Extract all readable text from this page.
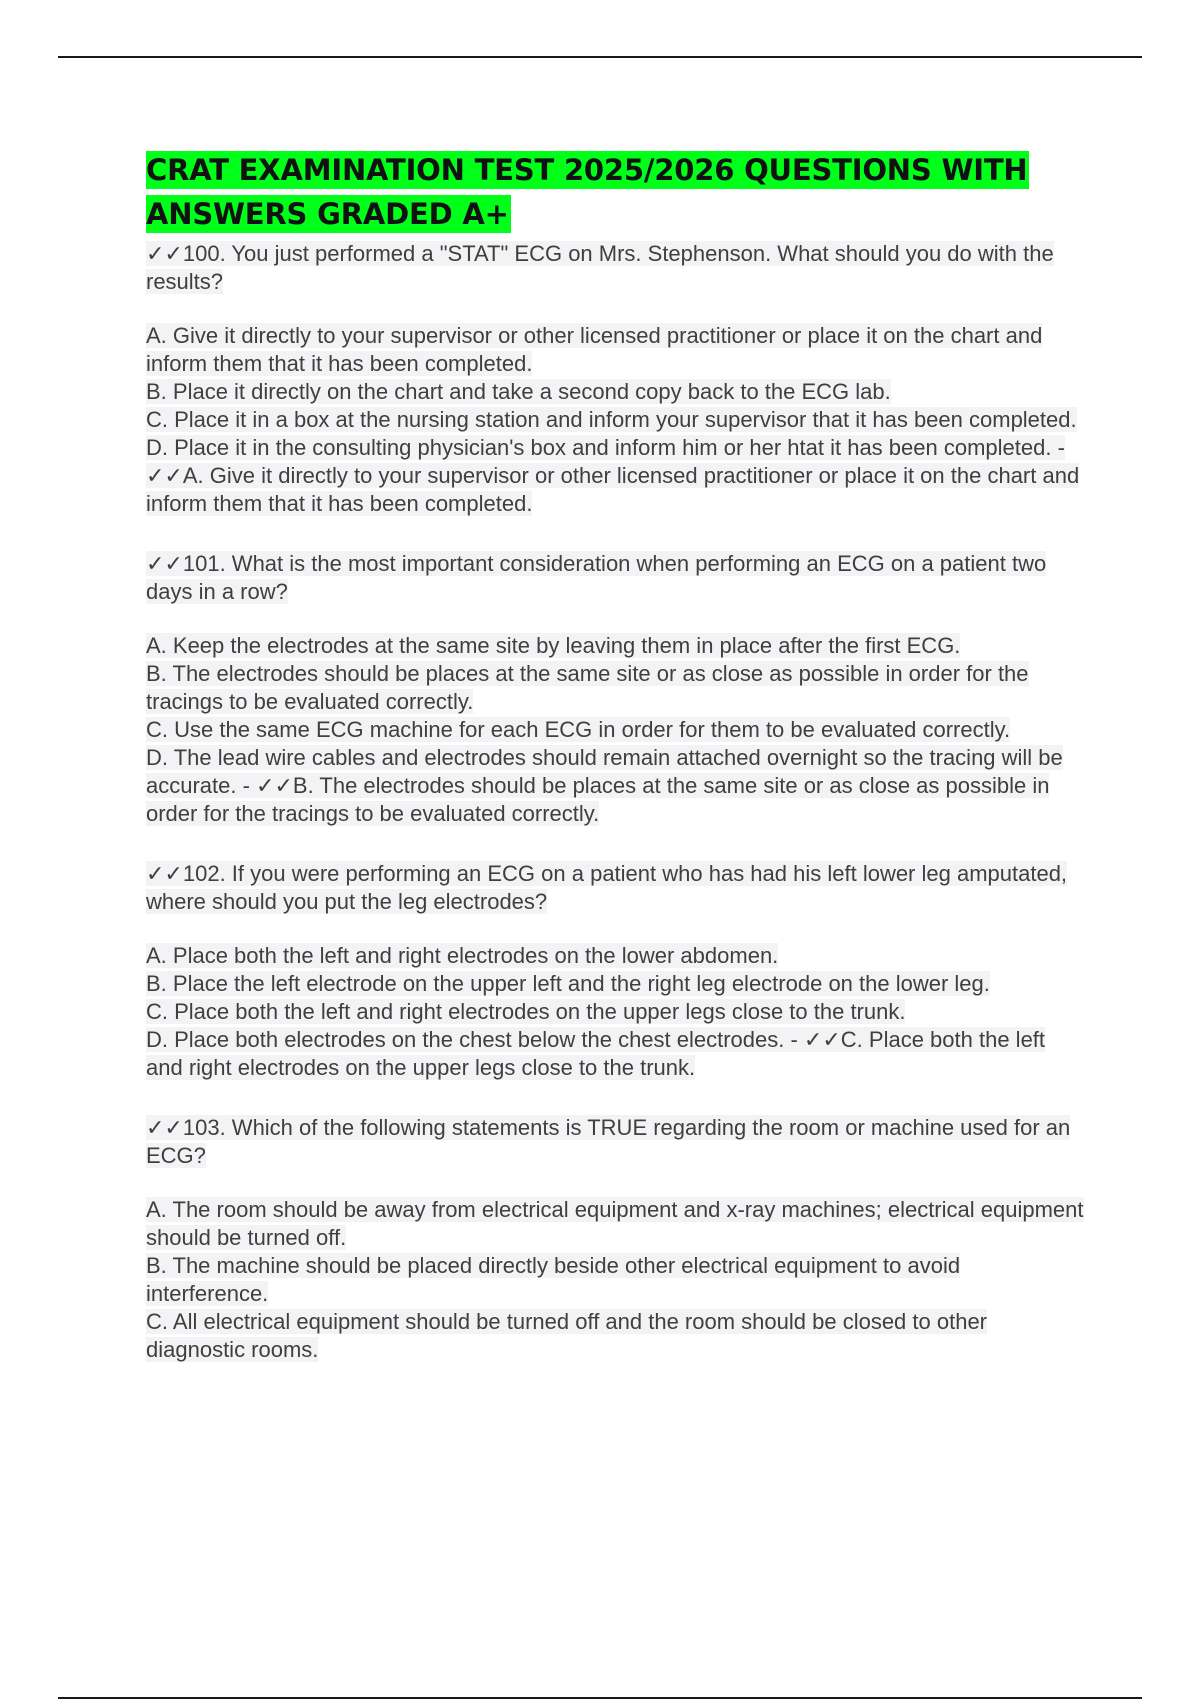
CRAT EXAMINATION TEST 2025/2026 QUESTIONS WITH ANSWERS GRADED A+

✓✓100. You just performed a "STAT" ECG on Mrs. Stephenson. What should you do with the results?

A. Give it directly to your supervisor or other licensed practitioner or place it on the chart and inform them that it has been completed.

B. Place it directly on the chart and take a second copy back to the ECG lab.

C. Place it in a box at the nursing station and inform your supervisor that it has been completed.

D. Place it in the consulting physician's box and inform him or her htat it has been completed. - ✓✓A. Give it directly to your supervisor or other licensed practitioner or place it on the chart and inform them that it has been completed.

✓✓101. What is the most important consideration when performing an ECG on a patient two days in a row?

A. Keep the electrodes at the same site by leaving them in place after the first ECG.

B. The electrodes should be places at the same site or as close as possible in order for the tracings to be evaluated correctly.

C. Use the same ECG machine for each ECG in order for them to be evaluated correctly.

D. The lead wire cables and electrodes should remain attached overnight so the tracing will be accurate. - ✓✓B. The electrodes should be places at the same site or as close as possible in order for the tracings to be evaluated correctly.

✓✓102. If you were performing an ECG on a patient who has had his left lower leg amputated, where should you put the leg electrodes?

A. Place both the left and right electrodes on the lower abdomen.

B. Place the left electrode on the upper left and the right leg electrode on the lower leg.

C. Place both the left and right electrodes on the upper legs close to the trunk.

D. Place both electrodes on the chest below the chest electrodes. - ✓✓C. Place both the left and right electrodes on the upper legs close to the trunk.

✓✓103. Which of the following statements is TRUE regarding the room or machine used for an ECG?

A. The room should be away from electrical equipment and x-ray machines; electrical equipment should be turned off.

B. The machine should be placed directly beside other electrical equipment to avoid interference.

C. All electrical equipment should be turned off and the room should be closed to other diagnostic rooms.
